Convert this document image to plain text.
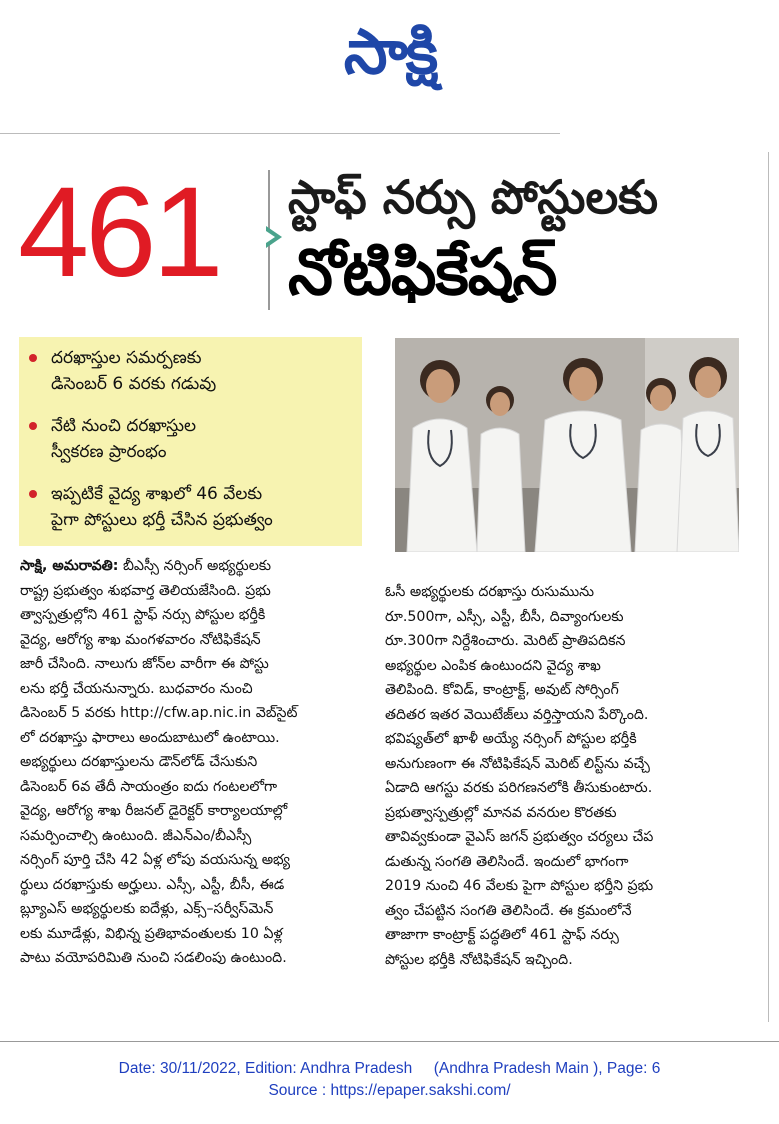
సాక్షి
461	స్టాఫ్ నర్సు పోస్టులకు
నోటిఫికేషన్
దరఖాస్తుల సమర్పణకు
డిసెంబర్ 6 వరకు గడువు
నేటి నుంచి దరఖాస్తుల
స్వీకరణ ప్రారంభం
ఇప్పటికే వైద్య శాఖలో 46 వేలకు
పైగా పోస్టులు భర్తీ చేసిన ప్రభుత్వం
సాక్షి, అమరావతి: బీఎస్సీ నర్సింగ్ అభ్యర్థులకు
రాష్ట్ర ప్రభుత్వం శుభవార్త తెలియజేసింది. ప్రభు
త్వాస్పత్రుల్లోని 461 స్టాఫ్ నర్సు పోస్టుల భర్తీకి
వైద్య, ఆరోగ్య శాఖ మంగళవారం నోటిఫికేషన్
జారీ చేసింది. నాలుగు జోన్‌ల వారీగా ఈ పోస్టు
లను భర్తీ చేయనున్నారు. బుధవారం నుంచి
డిసెంబర్ 5 వరకు http://cfw.ap.nic.in వెబ్‌సైట్
లో దరఖాస్తు ఫారాలు అందుబాటులో ఉంటాయి.
అభ్యర్థులు దరఖాస్తులను డౌన్‌లోడ్ చేసుకుని
డిసెంబర్ 6వ తేదీ సాయంత్రం ఐదు గంటలలోగా
వైద్య, ఆరోగ్య శాఖ రీజనల్ డైరెక్టర్ కార్యాలయాల్లో
సమర్పించాల్సి ఉంటుంది. జీఎన్ఎం/బీఎస్సీ
నర్సింగ్ పూర్తి చేసి 42 ఏళ్ల లోపు వయసున్న అభ్య
ర్థులు దరఖాస్తుకు అర్హులు. ఎస్సీ, ఎస్టీ, బీసీ, ఈడ
బ్ల్యూఎస్ అభ్యర్థులకు ఐదేళ్లు, ఎక్స్–సర్వీస్‌మెన్
లకు మూడేళ్లు, విభిన్న ప్రతిభావంతులకు 10 ఏళ్ల
పాటు వయోపరిమితి నుంచి సడలింపు ఉంటుంది.
ఓసీ అభ్యర్థులకు దరఖాస్తు రుసుమును
రూ.500గా, ఎస్సీ, ఎస్టీ, బీసీ, దివ్యాంగులకు
రూ.300గా నిర్దేశించారు. మెరిట్ ప్రాతిపదికన
అభ్యర్థుల ఎంపిక ఉంటుందని వైద్య శాఖ
తెలిపింది. కోవిడ్, కాంట్రాక్ట్, అవుట్ సోర్సింగ్
తదితర ఇతర వెయిటేజ్‌లు వర్తిస్తాయని పేర్కొంది.
భవిష్యత్‌లో ఖాళీ అయ్యే నర్సింగ్ పోస్టుల భర్తీకి
అనుగుణంగా ఈ నోటిఫికేషన్ మెరిట్ లిస్ట్‌ను వచ్చే
ఏడాది ఆగస్టు వరకు పరిగణనలోకి తీసుకుంటారు.
ప్రభుత్వాస్పత్రుల్లో మానవ వనరుల కొరతకు
తావివ్వకుండా వైఎస్ జగన్ ప్రభుత్వం చర్యలు చేప
డుతున్న సంగతి తెలిసిందే. ఇందులో భాగంగా
2019 నుంచి 46 వేలకు పైగా పోస్టుల భర్తీని ప్రభు
త్వం చేపట్టిన సంగతి తెలిసిందే. ఈ క్రమంలోనే
తాజాగా కాంట్రాక్ట్ పద్ధతిలో 461 స్టాఫ్ నర్సు
పోస్టుల భర్తీకి నోటిఫికేషన్ ఇచ్చింది.
Date: 30/11/2022, Edition: Andhra Pradesh     (Andhra Pradesh Main ), Page: 6
Source : https://epaper.sakshi.com/
